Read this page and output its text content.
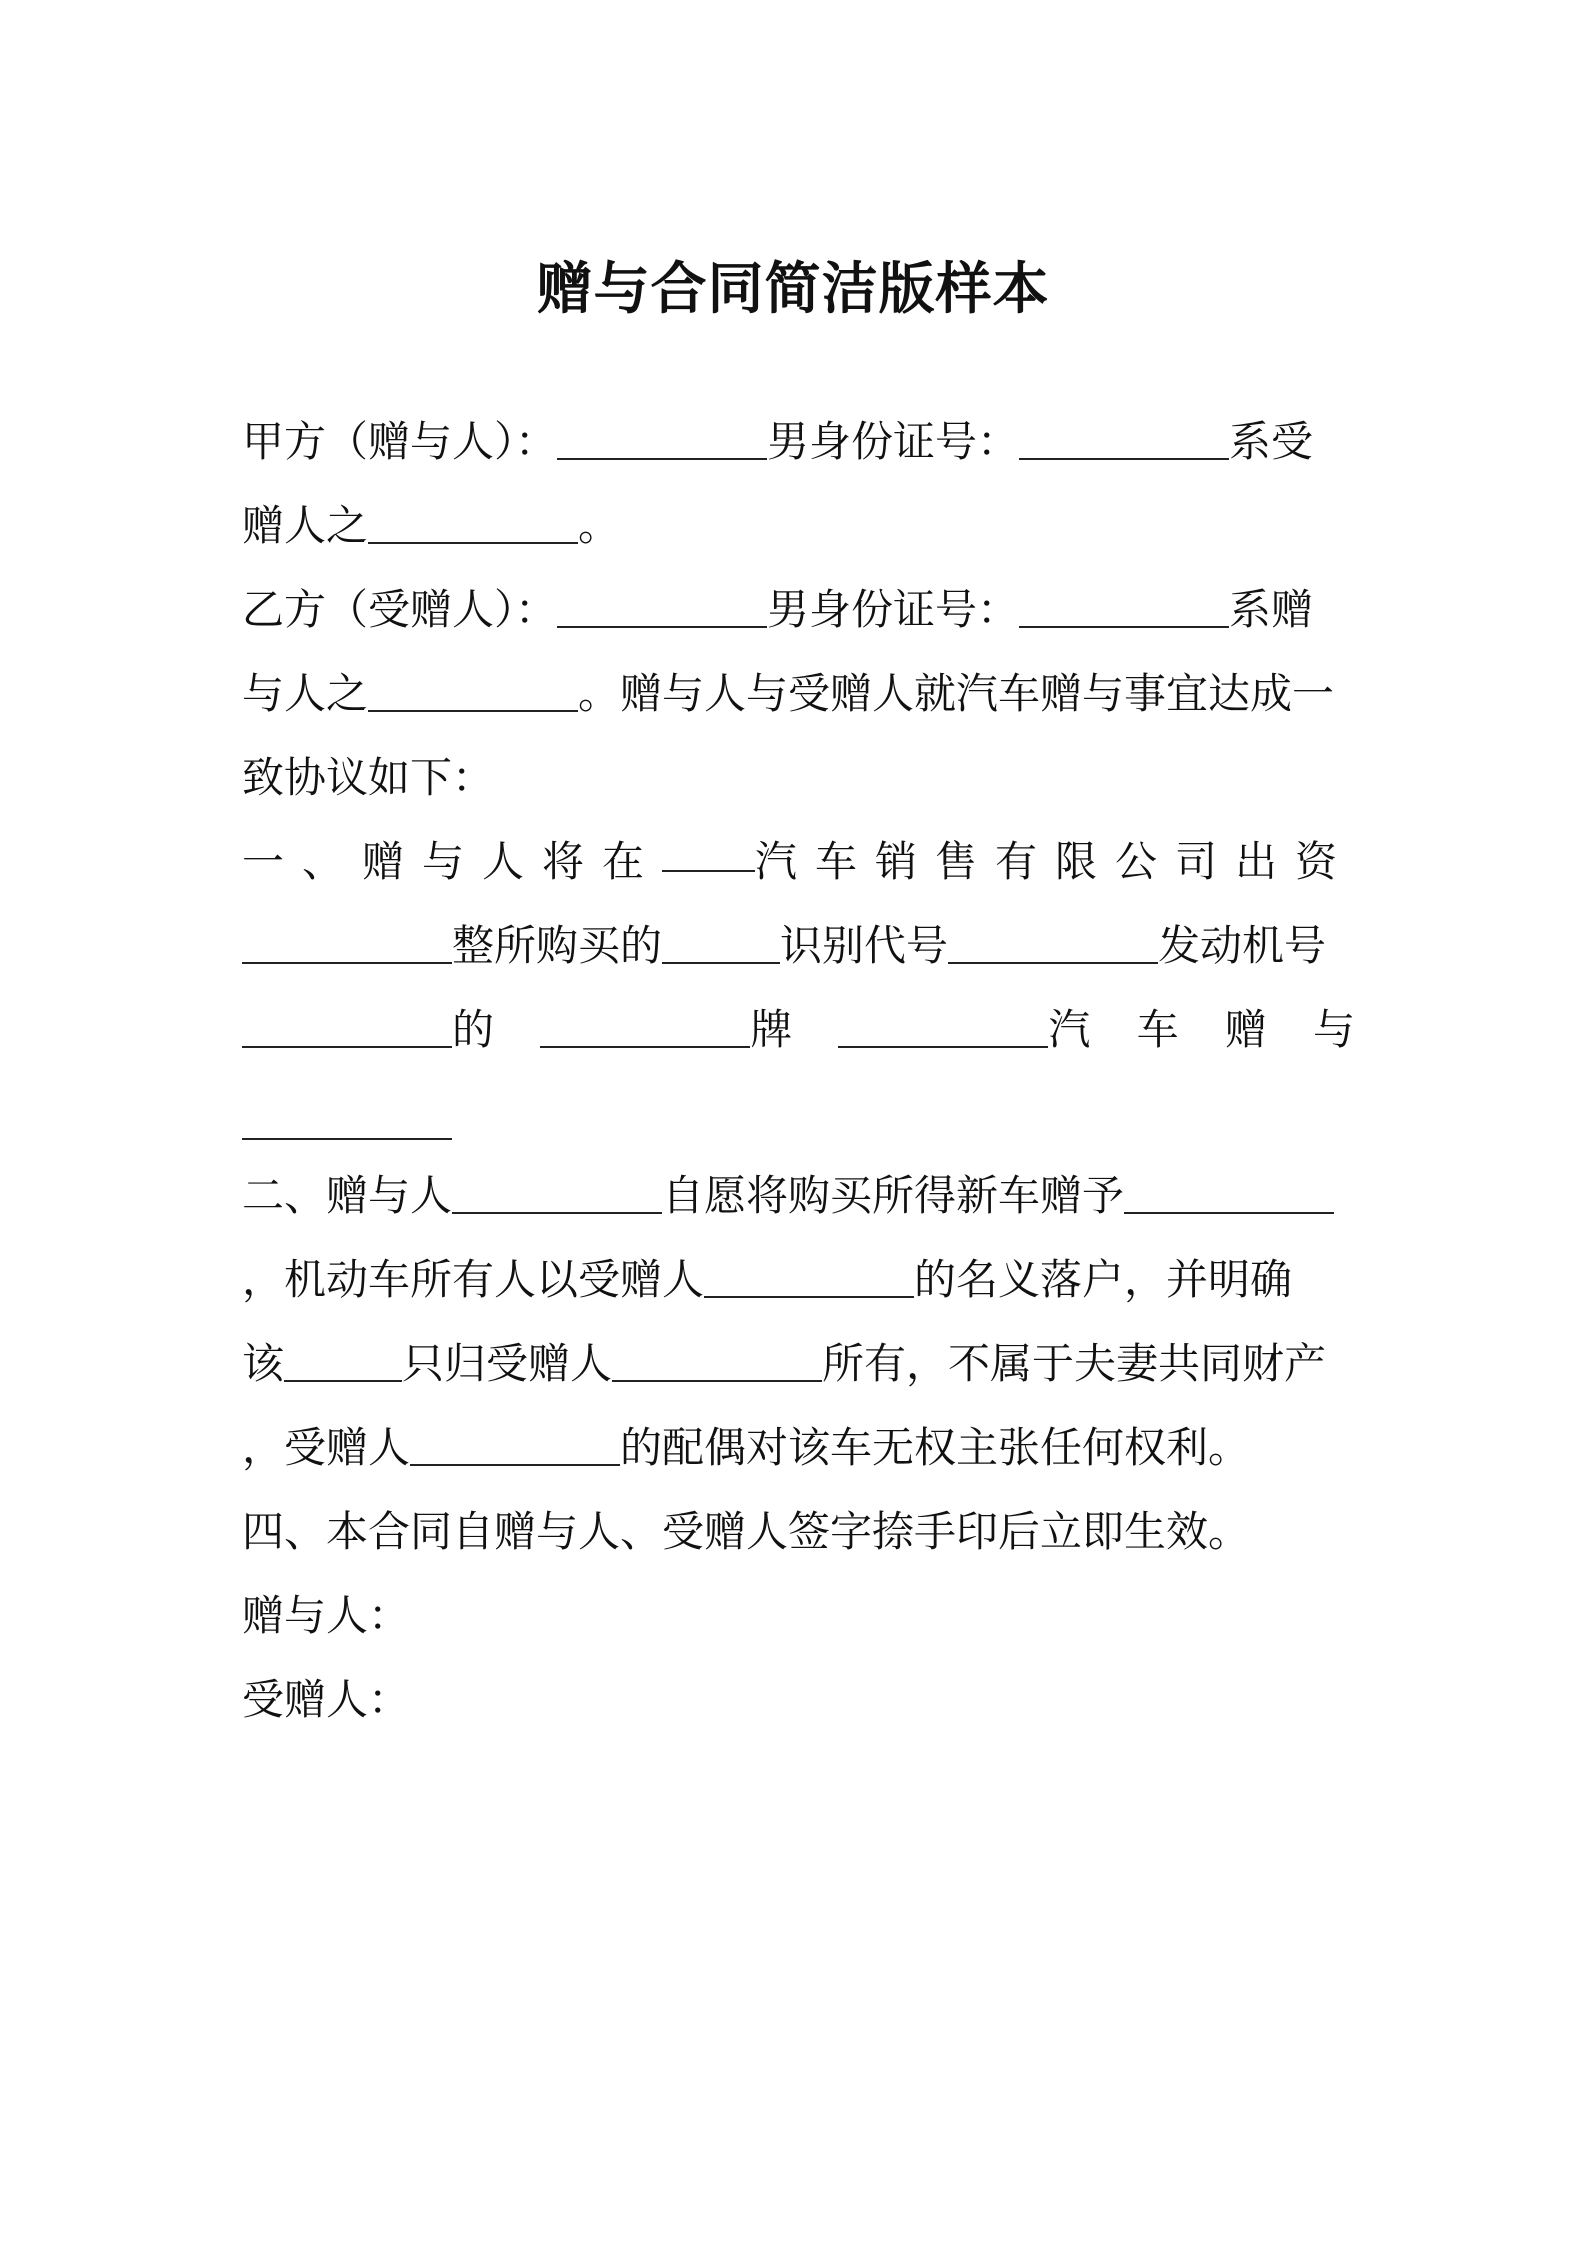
赠与合同简洁版样本
甲方（赠与人）：	男身份证号：	系受
赠人之	。
乙方（受赠人）：	男身份证号：	系赠
与人之	。赠与人与受赠人就汽车赠与事宜达成一
致协议如下：
一、赠与人将在 汽车销售有限公司出资
整所购买的	识别代号	发动机号
的	牌	汽 车 赠 与
二、赠与人	自愿将购买所得新车赠予
，机动车所有人以受赠人	的名义落户，并明确
该	只归受赠人	所有，不属于夫妻共同财产
，受赠人	的配偶对该车无权主张任何权利。
四、本合同自赠与人、受赠人签字捺手印后立即生效。
赠与人：
受赠人：
